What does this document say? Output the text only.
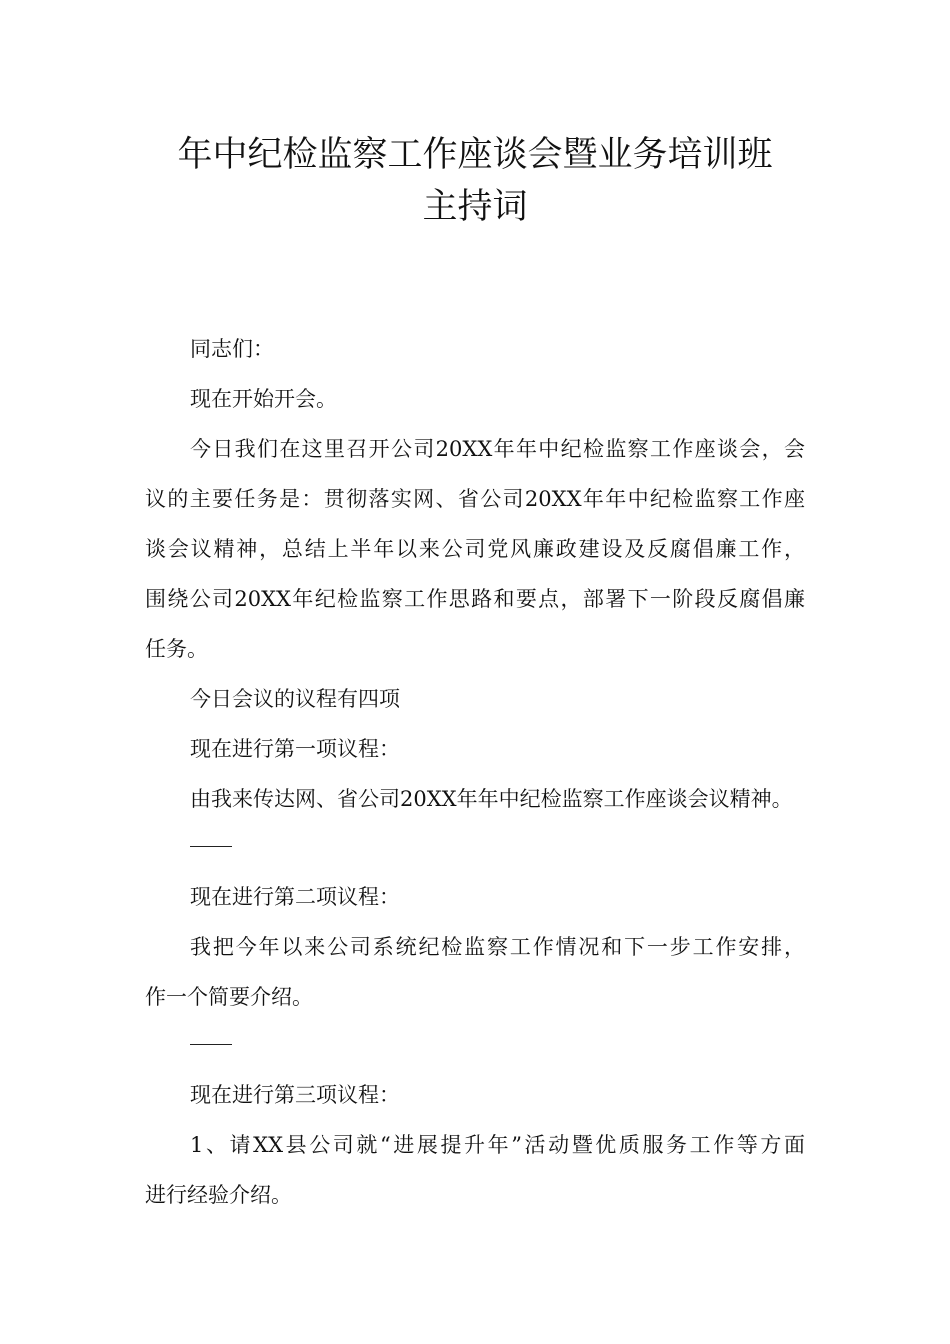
年中纪检监察工作座谈会暨业务培训班
主持词
同志们：
现在开始开会。
今日我们在这里召开公司20XX年年中纪检监察工作座谈会，会
议的主要任务是：贯彻落实网、省公司20XX年年中纪检监察工作座
谈会议精神，总结上半年以来公司党风廉政建设及反腐倡廉工作，
围绕公司20XX年纪检监察工作思路和要点，部署下一阶段反腐倡廉
任务。
今日会议的议程有四项
现在进行第一项议程：
由我来传达网、省公司20XX年年中纪检监察工作座谈会议精神。
现在进行第二项议程：
我把今年以来公司系统纪检监察工作情况和下一步工作安排，
作一个简要介绍。
现在进行第三项议程：
1、请XX县公司就“进展提升年”活动暨优质服务工作等方面
进行经验介绍。
